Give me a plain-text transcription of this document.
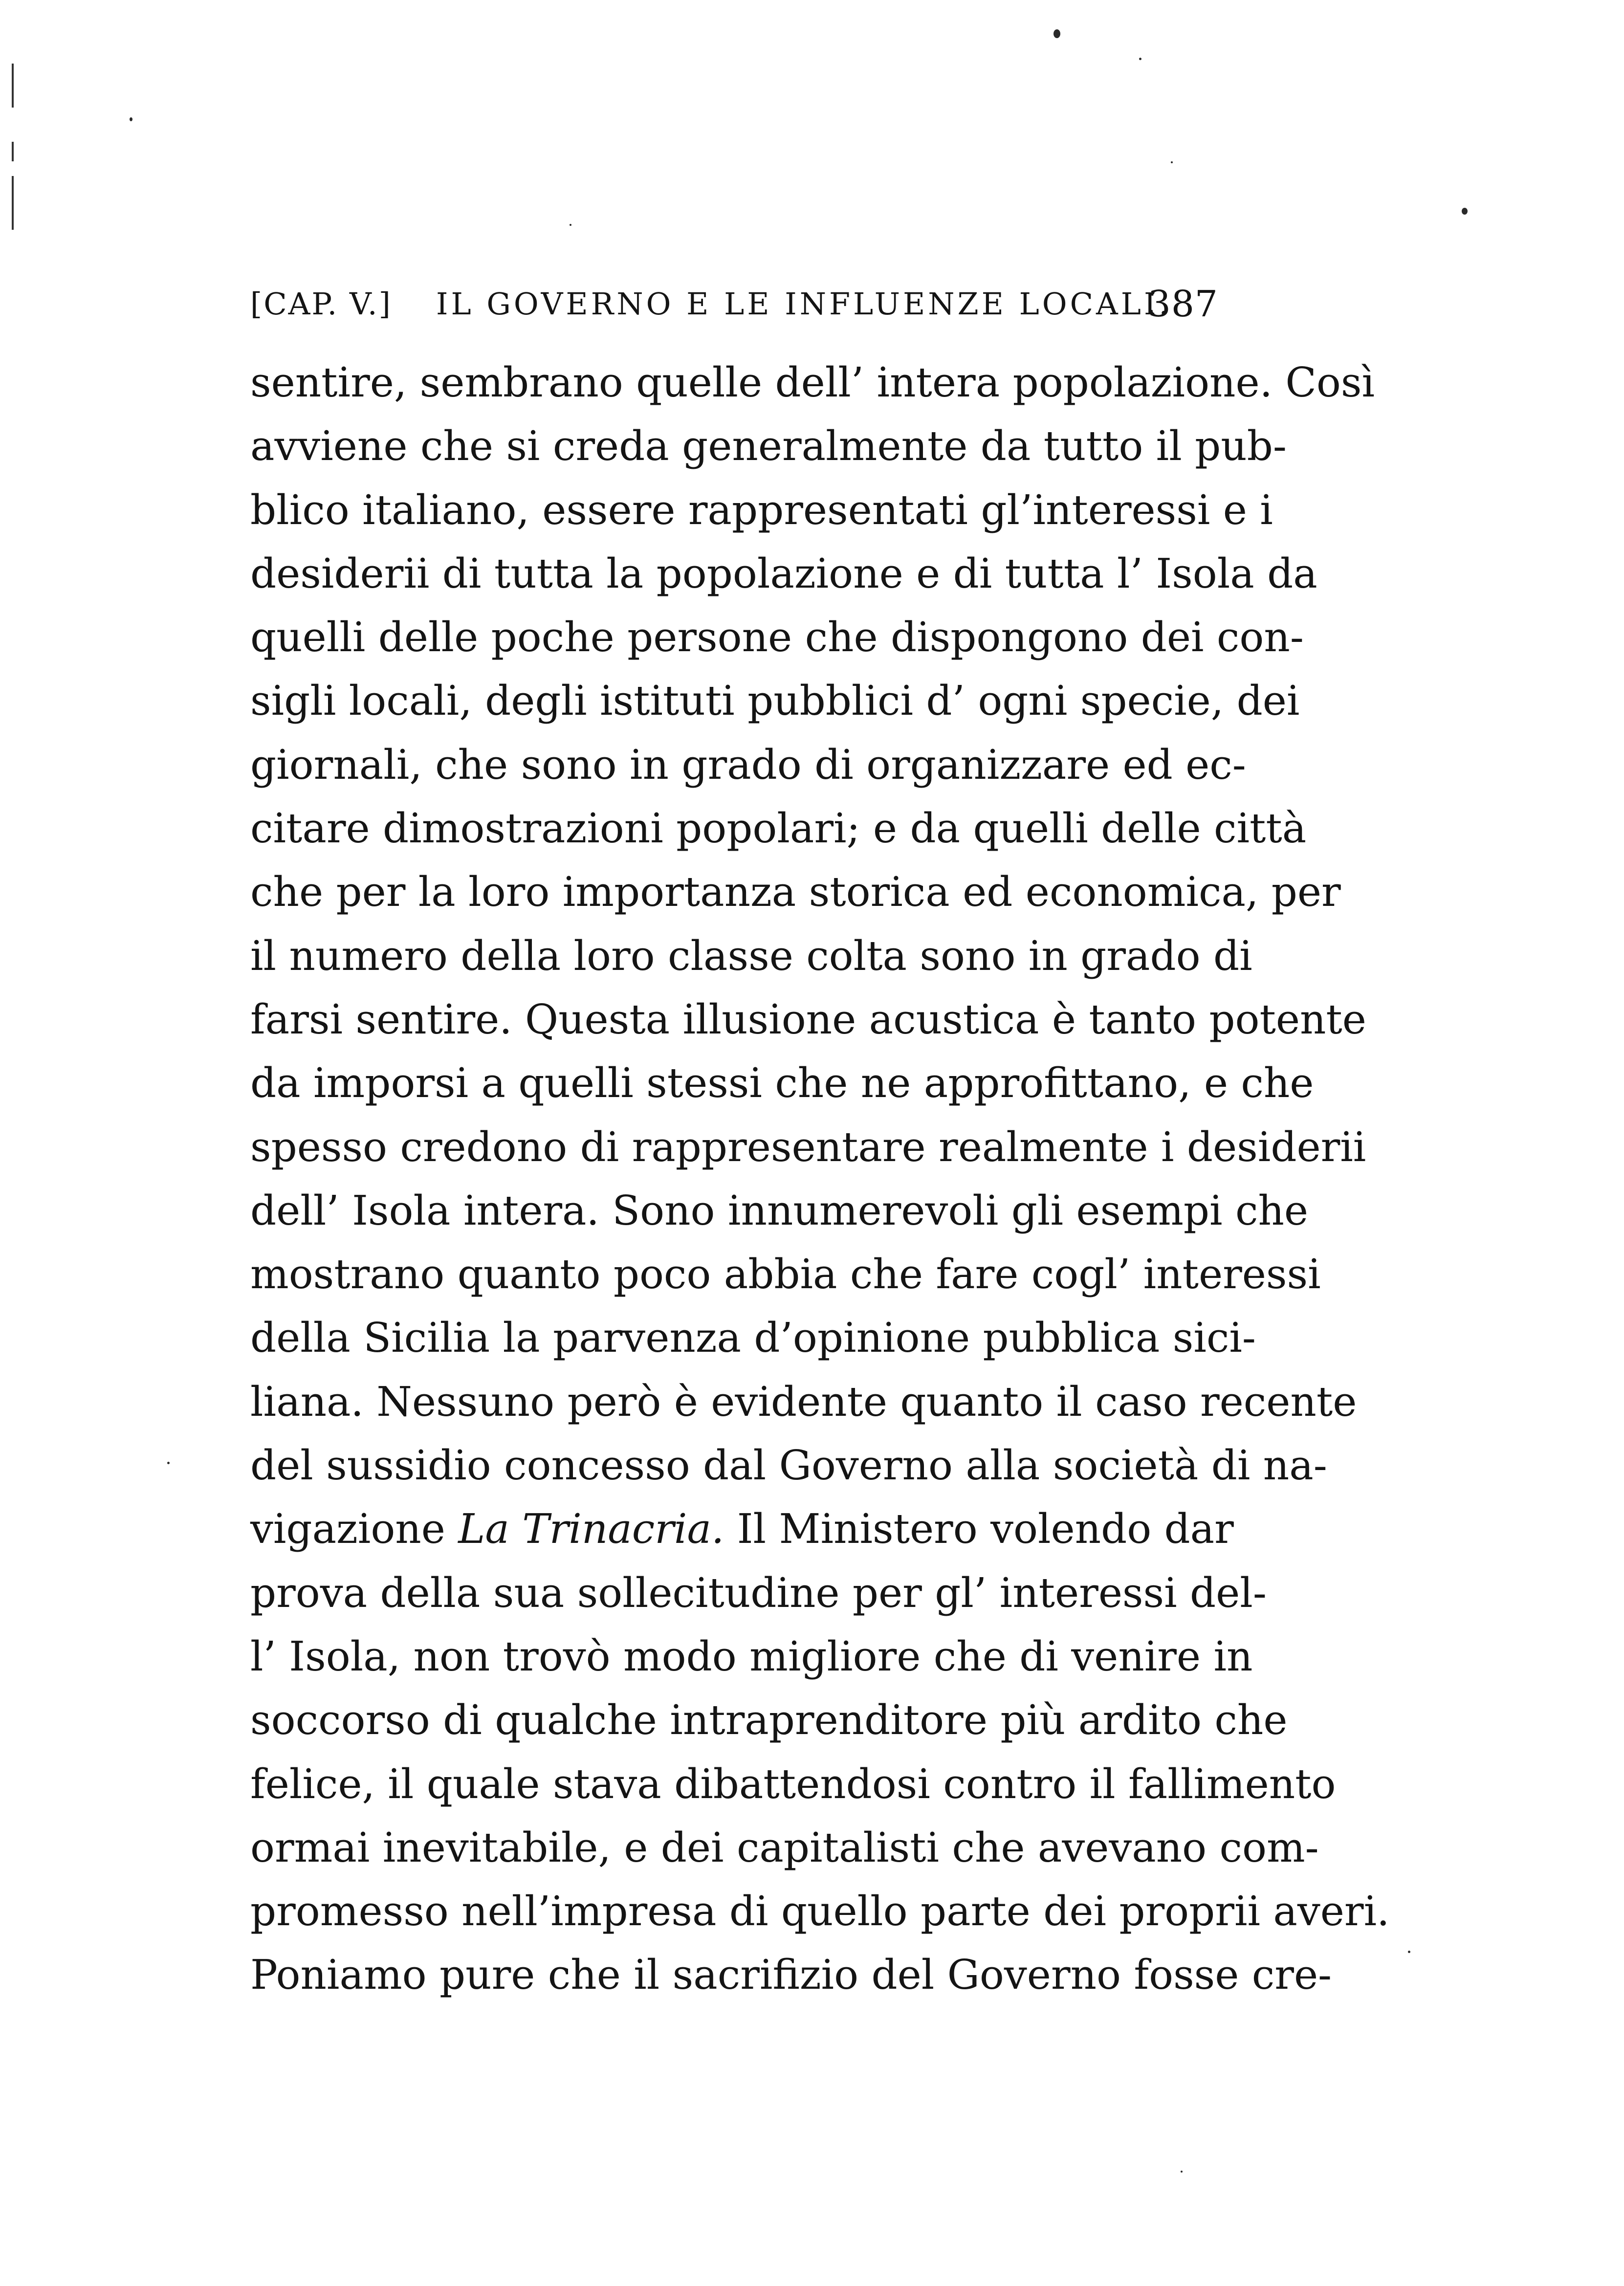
[CAP. V.] IL GOVERNO E LE INFLUENZE LOCALI.
387
sentire, sembrano quelle dell’ intera popolazione. Così
avviene che si creda generalmente da tutto il pub-
blico italiano, essere rappresentati gl’interessi e i
desiderii di tutta la popolazione e di tutta l’ Isola da
quelli delle poche persone che dispongono dei con-
sigli locali, degli istituti pubblici d’ ogni specie, dei
giornali, che sono in grado di organizzare ed ec-
citare dimostrazioni popolari; e da quelli delle città
che per la loro importanza storica ed economica, per
il numero della loro classe colta sono in grado di
farsi sentire. Questa illusione acustica è tanto potente
da imporsi a quelli stessi che ne approfittano, e che
spesso credono di rappresentare realmente i desiderii
dell’ Isola intera. Sono innumerevoli gli esempi che
mostrano quanto poco abbia che fare cogl’ interessi
della Sicilia la parvenza d’opinione pubblica sici-
liana. Nessuno però è evidente quanto il caso recente
del sussidio concesso dal Governo alla società di na-
vigazione La Trinacria. Il Ministero volendo dar
prova della sua sollecitudine per gl’ interessi del-
l’ Isola, non trovò modo migliore che di venire in
soccorso di qualche intraprenditore più ardito che
felice, il quale stava dibattendosi contro il fallimento
ormai inevitabile, e dei capitalisti che avevano com-
promesso nell’impresa di quello parte dei proprii averi.
Poniamo pure che il sacrifizio del Governo fosse cre-
